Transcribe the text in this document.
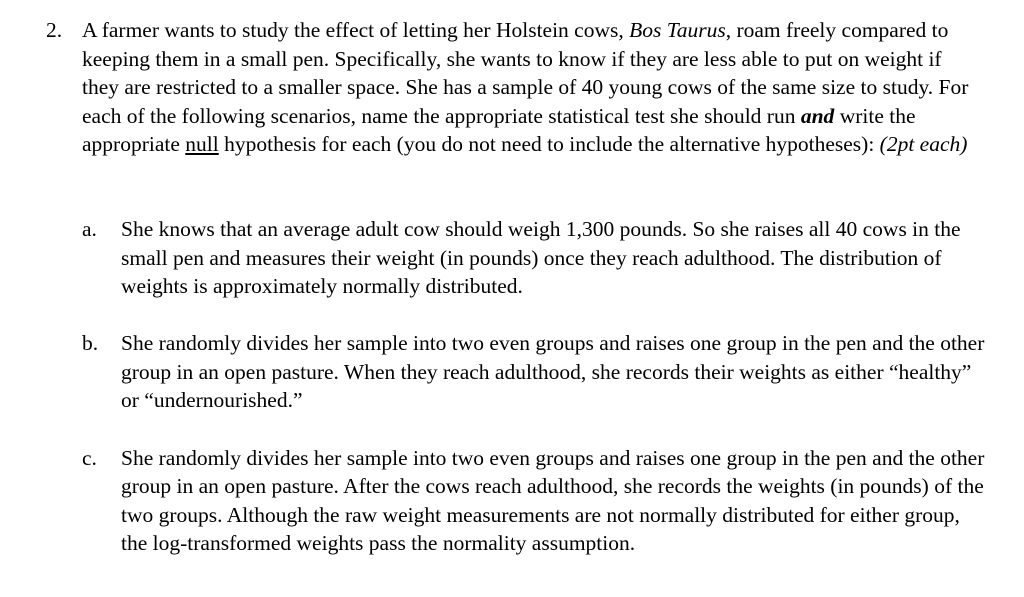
2. A farmer wants to study the effect of letting her Holstein cows, Bos Taurus, roam freely compared to keeping them in a small pen. Specifically, she wants to know if they are less able to put on weight if they are restricted to a smaller space. She has a sample of 40 young cows of the same size to study. For each of the following scenarios, name the appropriate statistical test she should run and write the appropriate null hypothesis for each (you do not need to include the alternative hypotheses): (2pt each)
a. She knows that an average adult cow should weigh 1,300 pounds. So she raises all 40 cows in the small pen and measures their weight (in pounds) once they reach adulthood. The distribution of weights is approximately normally distributed.
b. She randomly divides her sample into two even groups and raises one group in the pen and the other group in an open pasture. When they reach adulthood, she records their weights as either “healthy” or “undernourished.”
c. She randomly divides her sample into two even groups and raises one group in the pen and the other group in an open pasture. After the cows reach adulthood, she records the weights (in pounds) of the two groups. Although the raw weight measurements are not normally distributed for either group, the log-transformed weights pass the normality assumption.
